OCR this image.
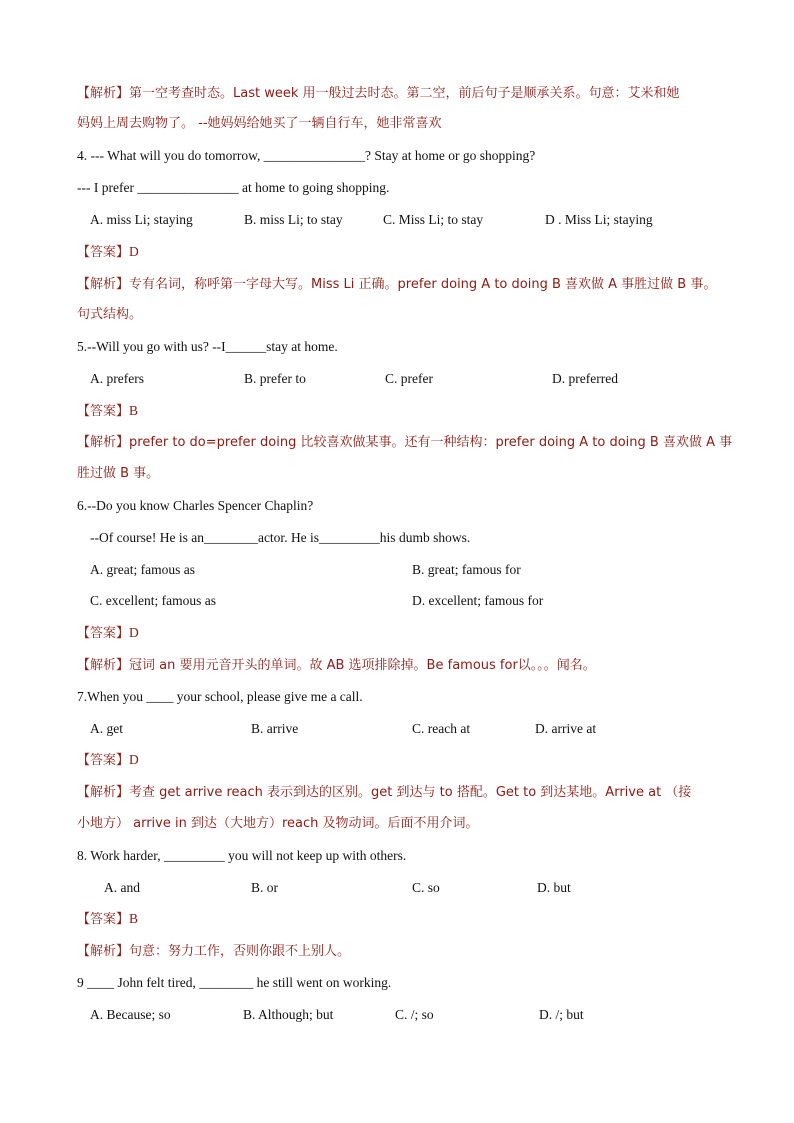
【解析】第一空考查时态。Last week 用一般过去时态。第二空，前后句子是顺承关系。句意：艾米和她
妈妈上周去购物了。 --她妈妈给她买了一辆自行车，她非常喜欢
4. --- What will you do tomorrow, _______________? Stay at home or go shopping?
--- I prefer _______________ at home to going shopping.
A. miss Li; staying	B. miss Li; to stay	C. Miss Li; to stay	D . Miss Li; staying
【答案】D
【解析】专有名词，称呼第一字母大写。Miss Li 正确。prefer doing A to doing B 喜欢做 A 事胜过做 B 事。
句式结构。
5.--Will you go with us? --I______stay at home.
A. prefers	B. prefer to	C. prefer	D. preferred
【答案】B
【解析】prefer to do=prefer doing 比较喜欢做某事。还有一种结构：prefer doing A to doing B 喜欢做 A 事
胜过做 B 事。
6.--Do you know Charles Spencer Chaplin?
--Of course! He is an________actor. He is_________his dumb shows.
A. great; famous as	B. great; famous for
C. excellent; famous as	D. excellent; famous for
【答案】D
【解析】冠词 an 要用元音开头的单词。故 AB 选项排除掉。Be famous for以。。。闻名。
7.When you ____ your school, please give me a call.
A. get	B. arrive	C. reach at	D. arrive at
【答案】D
【解析】考查 get arrive reach 表示到达的区别。get 到达与 to 搭配。Get to 到达某地。Arrive at （接
小地方） arrive in 到达（大地方）reach 及物动词。后面不用介词。
8. Work harder, _________ you will not keep up with others.
A. and	B. or	C. so	D. but
【答案】B
【解析】句意：努力工作，否则你跟不上别人。
9 ____ John felt tired, ________ he still went on working.
A. Because; so	B. Although; but	C. /; so	D. /; but
